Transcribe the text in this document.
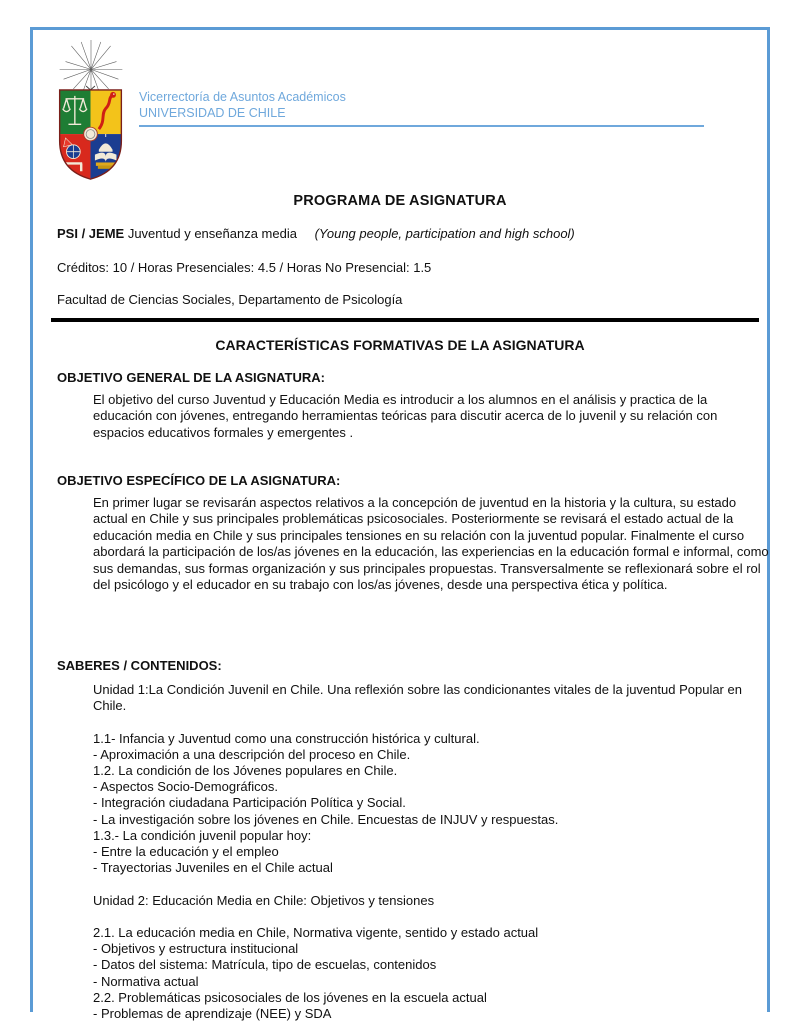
Vicerrectoría de Asuntos Académicos
UNIVERSIDAD DE CHILE
PROGRAMA DE ASIGNATURA
PSI / JEME Juventud y enseñanza media (Young people, participation and high school)
Créditos: 10 / Horas Presenciales: 4.5 / Horas No Presencial: 1.5
Facultad de Ciencias Sociales, Departamento de Psicología
CARACTERÍSTICAS FORMATIVAS DE LA ASIGNATURA
OBJETIVO GENERAL DE LA ASIGNATURA:
El objetivo del curso Juventud y Educación Media es introducir a los alumnos en el análisis y practica de la educación con jóvenes, entregando herramientas teóricas para discutir acerca de lo juvenil y su relación con espacios educativos formales y emergentes .
OBJETIVO ESPECÍFICO DE LA ASIGNATURA:
En primer lugar se revisarán aspectos relativos a la concepción de juventud en la historia y la cultura, su estado actual en Chile y sus principales problemáticas psicosociales. Posteriormente se revisará el estado actual de la educación media en Chile y sus principales tensiones en su relación con la juventud popular. Finalmente el curso abordará la participación de los/as jóvenes en la educación, las experiencias en la educación formal e informal, como sus demandas, sus formas organización y sus principales propuestas. Transversalmente se reflexionará sobre el rol del psicólogo y el educador en su trabajo con los/as jóvenes, desde una perspectiva ética y política.
SABERES / CONTENIDOS:
Unidad 1:La Condición Juvenil en Chile. Una reflexión sobre las condicionantes vitales de la juventud Popular en Chile.

1.1- Infancia y Juventud como una construcción histórica y cultural.
- Aproximación a una descripción del proceso en Chile.
1.2. La condición de los Jóvenes populares en Chile.
- Aspectos Socio-Demográficos.
- Integración ciudadana Participación Política y Social.
- La investigación sobre los jóvenes en Chile. Encuestas de INJUV y respuestas.
1.3.- La condición juvenil popular hoy:
- Entre la educación y el empleo
- Trayectorias Juveniles en el Chile actual

Unidad 2: Educación Media en Chile: Objetivos y tensiones

2.1. La educación media en Chile, Normativa vigente, sentido y estado actual
- Objetivos y estructura institucional
- Datos del sistema: Matrícula, tipo de escuelas, contenidos
- Normativa actual
2.2. Problemáticas psicosociales de los jóvenes en la escuela actual
- Problemas de aprendizaje (NEE) y SDA
